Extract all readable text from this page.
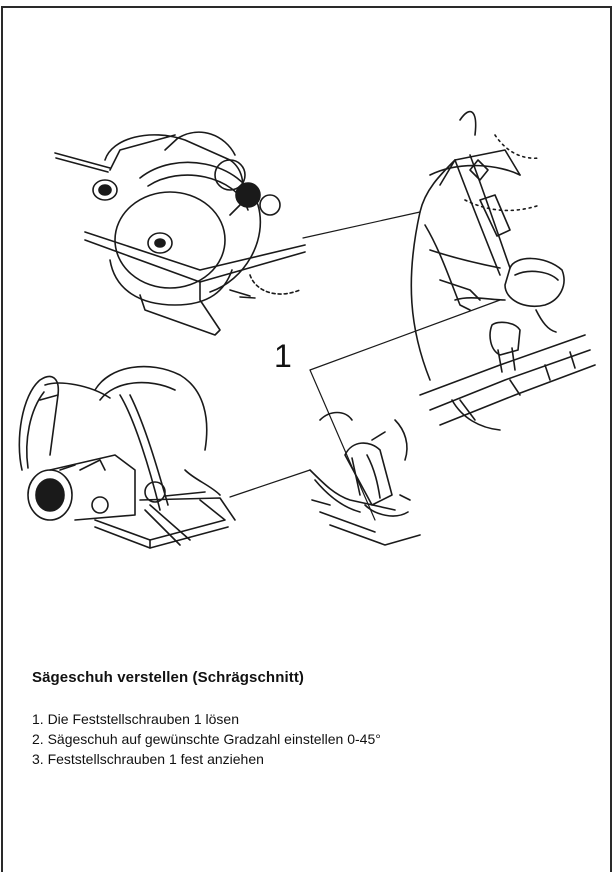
1
Sägeschuh verstellen (Schrägschnitt)
1. Die Feststellschrauben 1 lösen
2. Sägeschuh auf gewünschte Gradzahl einstellen 0-45°
3. Feststellschrauben 1 fest anziehen
